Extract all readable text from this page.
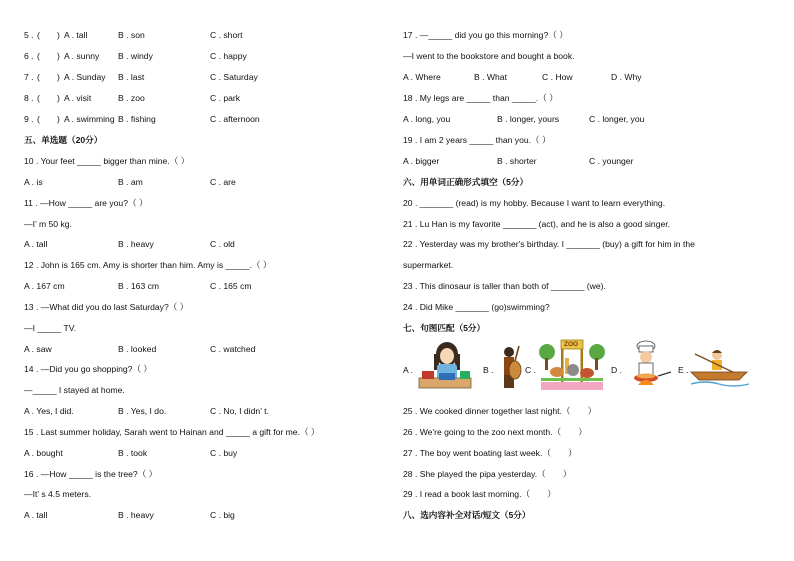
5 . (　　) A . tall	B . son	C . short
6 . (　　) A . sunny B . windy	C . happy
7 . (　　) A . Sunday B . last	C . Saturday
8 . (　　) A . visit	B . zoo	C . park
9 . (　　) A . swimming B . fishing	C . afternoon
五、单选题（20分）
10 . Your feet _____ bigger than mine.（ ）
A . is	B . am	C . are
11 . —How _____ are you?（ ）
—I’ m 50 kg.
A . tall	B . heavy	C . old
12 . John is 165 cm. Amy is shorter than him. Amy is _____.（ ）
A . 167 cm	B . 163 cm	C . 165 cm
13 . —What did you do last Saturday?（ ）
—I _____ TV.
A . saw	B . looked	C . watched
14 . —Did you go shopping?（ ）
—_____ I stayed at home.
A . Yes, I did.	B . Yes, I do.	C . No, I didn’ t.
15 . Last summer holiday, Sarah went to Hainan and _____ a gift for me.（ ）
A . bought	B . took	C . buy
16 . —How _____ is the tree?（ ）
—It’ s 4.5 meters.
A . tall	B . heavy	C . big
17 . —_____ did you go this morning?（ ）
—I went to the bookstore and bought a book.
A . Where	B . What	C . How	D . Why
18 . My legs are _____ than _____.（ ）
A . long, you	B . longer, yours	C . longer, you
19 . I am 2 years _____ than you.（ ）
A . bigger	B . shorter	C . younger
六、用单词正确形式填空（5分）
20 . _______ (read) is my hobby. Because I want to learn everything.
21 . Lu Han is my favorite _______ (act), and he is also a good singer.
22 . Yesterday was my brother's birthday. I _______ (buy) a gift for him in the
supermarket.
23 . This dinosaur is taller than both of _______ (we).
24 . Did Mike _______ (go)swimming?
七、句图匹配（5分）
A .	B .	C .
ZOO
D .	E .
25 . We cooked dinner together last night.（　　）
26 . We're going to the zoo next month.（　　）
27 . The boy went boating last week.（　　）
28 . She played the pipa yesterday.（　　）
29 . I read a book last morning.（　　）
八、选内容补全对话/短文（5分）
